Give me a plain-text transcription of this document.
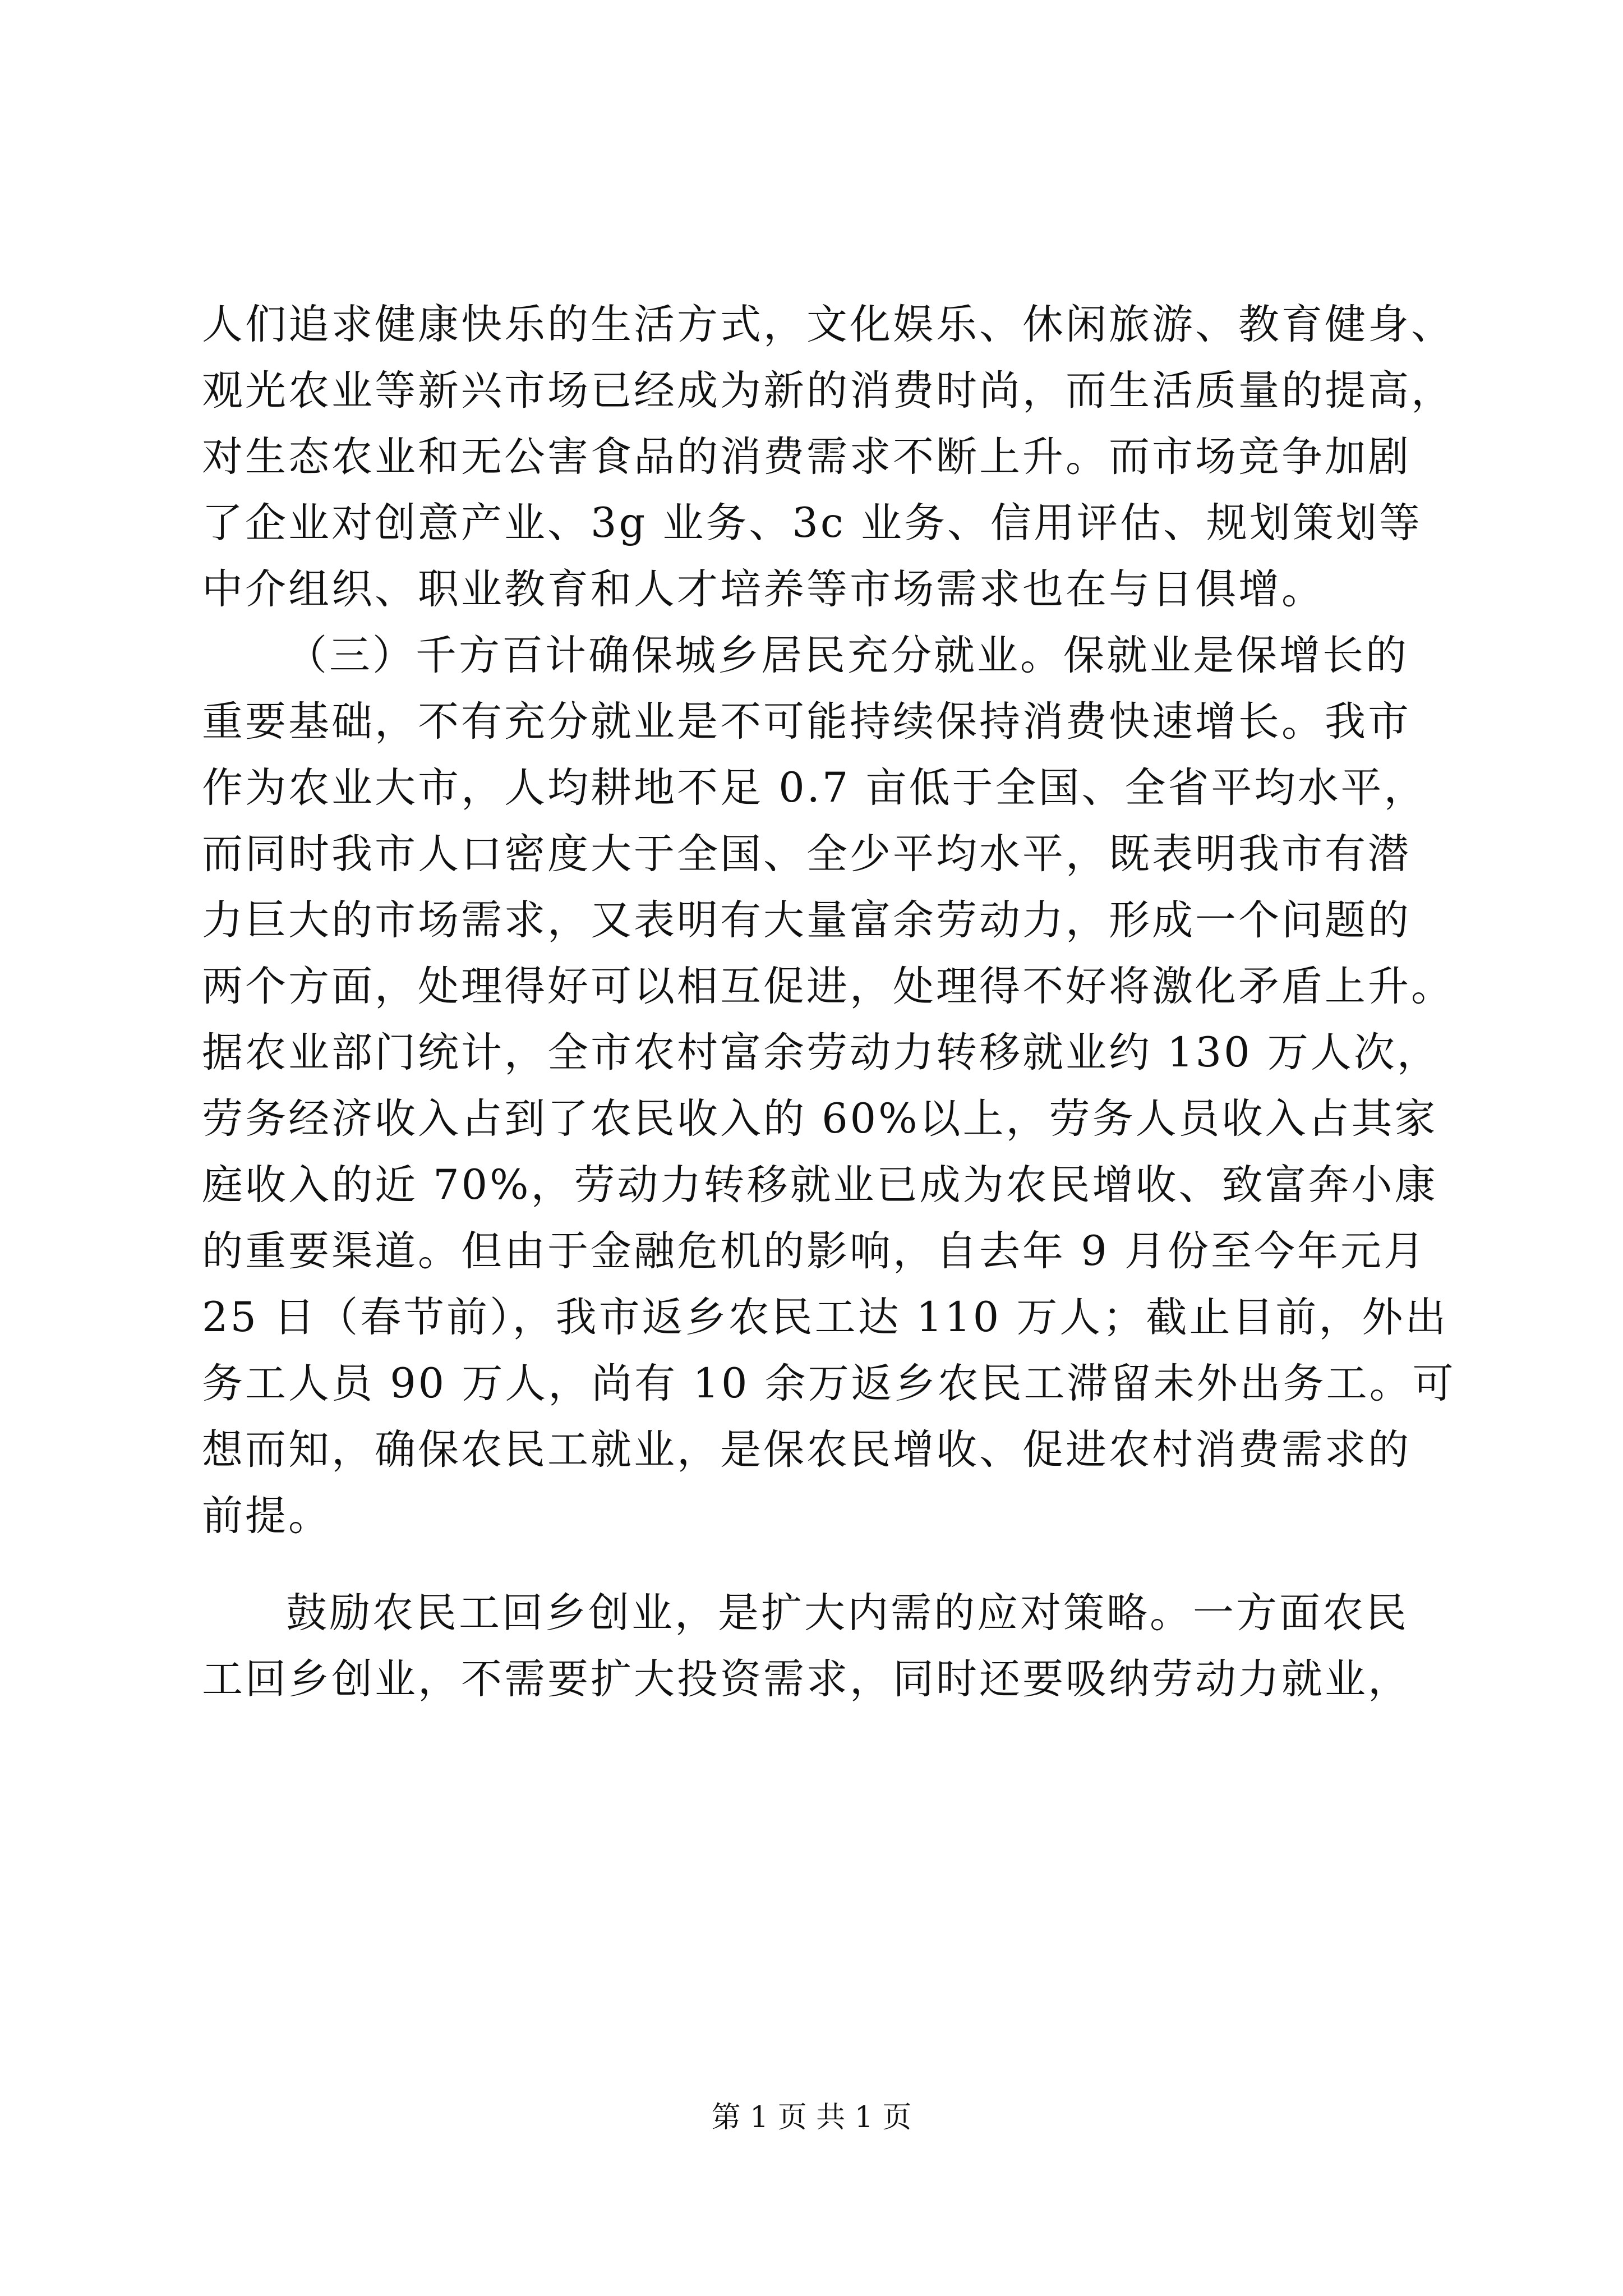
人们追求健康快乐的生活方式，文化娱乐、休闲旅游、教育健身、

观光农业等新兴市场已经成为新的消费时尚，而生活质量的提高，

对生态农业和无公害食品的消费需求不断上升。而市场竞争加剧

了企业对创意产业、3g 业务、3c 业务、信用评估、规划策划等

中介组织、职业教育和人才培养等市场需求也在与日俱增。

（三）千方百计确保城乡居民充分就业。保就业是保增长的

重要基础，不有充分就业是不可能持续保持消费快速增长。我市

作为农业大市，人均耕地不足 0.7 亩低于全国、全省平均水平，

而同时我市人口密度大于全国、全少平均水平，既表明我市有潜

力巨大的市场需求，又表明有大量富余劳动力，形成一个问题的

两个方面，处理得好可以相互促进，处理得不好将激化矛盾上升。

据农业部门统计，全市农村富余劳动力转移就业约 130 万人次，

劳务经济收入占到了农民收入的 60%以上，劳务人员收入占其家

庭收入的近 70%，劳动力转移就业已成为农民增收、致富奔小康

的重要渠道。但由于金融危机的影响，自去年 9 月份至今年元月

25 日（春节前），我市返乡农民工达 110 万人；截止目前，外出

务工人员 90 万人，尚有 10 余万返乡农民工滞留未外出务工。可

想而知，确保农民工就业，是保农民增收、促进农村消费需求的

前提。

鼓励农民工回乡创业，是扩大内需的应对策略。一方面农民

工回乡创业，不需要扩大投资需求，同时还要吸纳劳动力就业，

第 1 页 共 1 页
